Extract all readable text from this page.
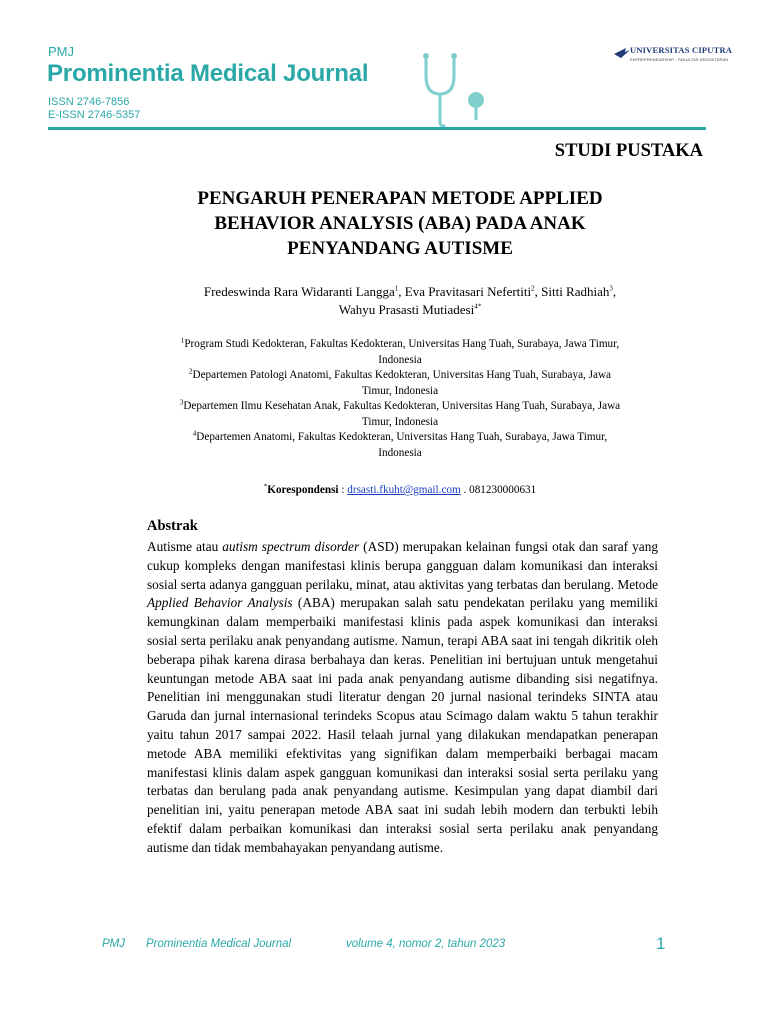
PMJ
Prominentia Medical Journal
ISSN 2746-7856
E-ISSN 2746-5357
UNIVERSITAS CIPUTRA
ENTREPRENEURSHIP · FAKULTAS KEDOKTERAN
STUDI PUSTAKA
PENGARUH PENERAPAN METODE APPLIED
BEHAVIOR ANALYSIS (ABA) PADA ANAK
PENYANDANG AUTISME
Fredeswinda Rara Widaranti Langga$^1$, Eva Pravitasari Nefertiti$^2$, Sitti Radhiah$^3$,
Wahyu Prasasti Mutiadesi$^{4*}$
$^1$Program Studi Kedokteran, Fakultas Kedokteran, Universitas Hang Tuah, Surabaya, Jawa Timur,
Indonesia
$^2$Departemen Patologi Anatomi, Fakultas Kedokteran, Universitas Hang Tuah, Surabaya, Jawa
Timur, Indonesia
$^3$Departemen Ilmu Kesehatan Anak, Fakultas Kedokteran, Universitas Hang Tuah, Surabaya, Jawa
Timur, Indonesia
$^4$Departemen Anatomi, Fakultas Kedokteran, Universitas Hang Tuah, Surabaya, Jawa Timur,
Indonesia
*Korespondensi : drsasti.fkuht@gmail.com . 081230000631
Abstrak
Autisme atau autism spectrum disorder (ASD) merupakan kelainan fungsi otak dan saraf yang cukup kompleks dengan manifestasi klinis berupa gangguan dalam komunikasi dan interaksi sosial serta adanya gangguan perilaku, minat, atau aktivitas yang terbatas dan berulang. Metode Applied Behavior Analysis (ABA) merupakan salah satu pendekatan perilaku yang memiliki kemungkinan dalam memperbaiki manifestasi klinis pada aspek komunikasi dan interaksi sosial serta perilaku anak penyandang autisme. Namun, terapi ABA saat ini tengah dikritik oleh beberapa pihak karena dirasa berbahaya dan keras. Penelitian ini bertujuan untuk mengetahui keuntungan metode ABA saat ini pada anak penyandang autisme dibanding sisi negatifnya. Penelitian ini menggunakan studi literatur dengan 20 jurnal nasional terindeks SINTA atau Garuda dan jurnal internasional terindeks Scopus atau Scimago dalam waktu 5 tahun terakhir yaitu tahun 2017 sampai 2022. Hasil telaah jurnal yang dilakukan mendapatkan penerapan metode ABA memiliki efektivitas yang signifikan dalam memperbaiki berbagai macam manifestasi klinis dalam aspek gangguan komunikasi dan interaksi sosial serta perilaku yang terbatas dan berulang pada anak penyandang autisme. Kesimpulan yang dapat diambil dari penelitian ini, yaitu penerapan metode ABA saat ini sudah lebih modern dan terbukti lebih efektif dalam perbaikan komunikasi dan interaksi sosial serta perilaku anak penyandang autisme dan tidak membahayakan penyandang autisme.
PMJ Prominentia Medical Journal	volume 4, nomor 2, tahun 2023	1
